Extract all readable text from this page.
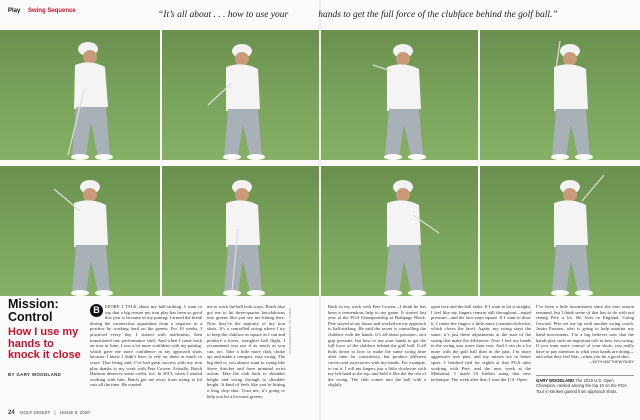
Play Swing Sequence	“It’s all about . . . how to use your	hands to get the full force of the clubface behind the golf ball.”
Mission: Control
How I use my hands to knock it close
BY GARY WOODLAND
B	EFORE I TALK about my ball-striking, I want to say that a big reason my iron play has been so good this year is because of my putting. I armed the break during the coronavirus quarantine from a negative to a positive by working hard on the greens. For 10 weeks, I practiced every day. I started with machinists, then transitioned into performance stuff. And when I came back on tour in June, I was a lot more confident with my putting, which gave me more confidence in my approach shots because I knew I didn’t have to rely on them as much to score. That being said, I’ve had great success with my iron play thanks to my work with Pete Cowen. Actually, Butch Harmon deserves some credit, too. In 2013, when I started working with him, Butch got me away from trying to hit cuts all the time. He wanted

me to work the ball both ways. Butch also got me to hit three-quarter knockdowns into greens like you see me hitting here. Now they’re the majority of my iron shots. It’s a controlled swing where I try to keep the clubface as square as I can and produce a lower, straighter ball flight. I recommend you use it as much as you can, too. Take a little more club, choke up, and make a compact, easy swing. The big deal is, you almost want to swing like Steve Stricker and have minimal wrist action. Take the club back to shoulder height and swing through to shoulder height. It kind of feels like you’re hitting a long chip shot. Trust me, it’s going to help you hit a lot more greens.

PHOTOGRAPHS BY J.D. CUBAN

Back in my work with Pete Cowen—I think he has been a tremendous help to my game. It started last year at the PGA Championship at Bethpage Black. Pete stayed at my house and worked on my approach to ball-striking. He said the secret is controlling the clubface with the hands. It’s all about pressure—not grip pressure, but how to use your hands to get the full force of the clubface behind the golf ball. It all boils down to how to make the same swing time after time for consistency, but produce different curves and trajectories with my hands. For example, to cut it, I roll my fingers just a little clockwise with my left hand at the top, and hold it like the the rest of the swing. The club comes into the ball with a slightly

open face and the ball fades. If I want to hit it straight, I feel like my fingers remain still throughout—equal pressure—and the face stays square. If I want to draw it, I rotate the fingers a little more (counterclockwise, which closes the face). Again, my swing stays the same; it’s just these adjustments at the start of the swing that make the difference. Now I feel my hands in the swing way more than ever. And I can do a lot more with the golf ball than in the past. I’m more aggressive into pins, and my misses are in better spots. I finished tied for eighth at that PGA after working with Pete, and the next week at the Memorial, I made 10 birdies using that new technique. The week after that, I won the U.S. Open.

I’ve been a little inconsistent since the tour season resumed, but I think some of that has to do with not seeing Pete a lot. He lives in England. Going forward, Pete set me up with another swing coach, Justin Parsons, who is going to help monitor my hand movements. I’m a big believer now that the hands play such an important role in how you swing. If you want more control of your shots, you really have to pay attention to what your hands are doing—and what they feel like—when you hit a good shot.

—WITH MATTHEW RUDY

GARY WOODLAND The 2019 U.S. Open Champion, ranked among the top 10 on the PGA Tour in strokes gained from approach shots.
24 GOLF DIGEST | ISSUE 9, 2020
